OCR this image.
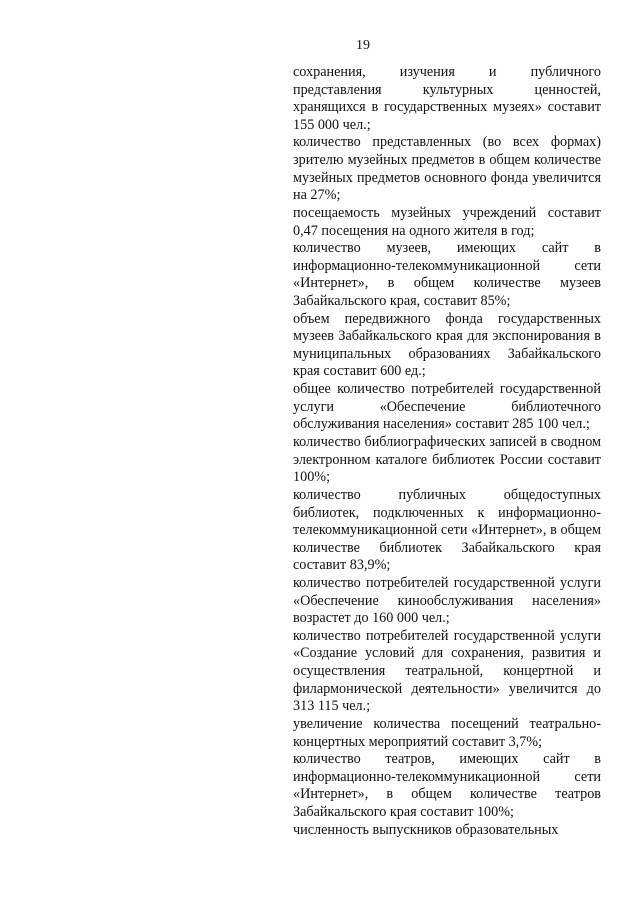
19

сохранения, изучения и публичного представления культурных ценностей, хранящихся в государственных музеях» составит 155 000 чел.;

количество представленных (во всех формах) зрителю музейных предметов в общем количестве музейных предметов основного фонда увеличится на 27%;

посещаемость музейных учреждений составит 0,47 посещения на одного жителя в год;

количество музеев, имеющих сайт в информационно-телекоммуникационной сети «Интернет», в общем количестве музеев Забайкальского края, составит 85%;

объем передвижного фонда государственных музеев Забайкальского края для экспонирования в муниципальных образованиях Забайкальского края составит 600 ед.;

общее количество потребителей государственной услуги «Обеспечение библиотечного обслуживания населения» составит 285 100 чел.;

количество библиографических записей в сводном электронном каталоге библиотек России составит 100%;

количество публичных общедоступных библиотек, подключенных к информационно-телекоммуникационной сети «Интернет», в общем количестве библиотек Забайкальского края составит 83,9%;

количество потребителей государственной услуги «Обеспечение кинообслуживания населения» возрастет до 160 000 чел.;

количество потребителей государственной услуги «Создание условий для сохранения, развития и осуществления театральной, концертной и филармонической деятельности» увеличится до 313 115 чел.;

увеличение количества посещений театрально-концертных мероприятий составит 3,7%;

количество театров, имеющих сайт в информационно-телекоммуникационной сети «Интернет», в общем количестве театров Забайкальского края составит 100%;

численность выпускников образовательных
